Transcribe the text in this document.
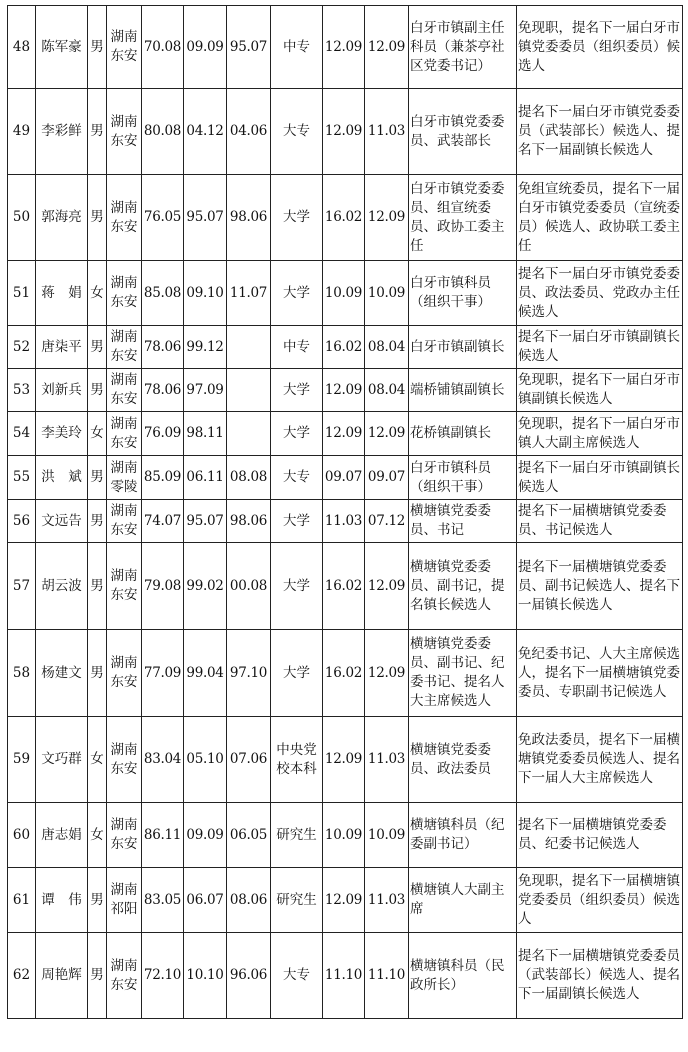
48	陈军豪	男	湖南东安	70.08	09.09	95.07	中专	12.09	12.09	白牙市镇副主任科员（兼茶亭社区党委书记）	免现职，提名下一届白牙市镇党委委员（组织委员）候选人
49	李彩鲜	男	湖南东安	80.08	04.12	04.06	大专	12.09	11.03	白牙市镇党委委员、武装部长	提名下一届白牙市镇党委委员（武装部长）候选人、提名下一届副镇长候选人
50	郭海亮	男	湖南东安	76.05	95.07	98.06	大学	16.02	12.09	白牙市镇党委委员、组宣统委员、政协工委主任	免组宣统委员，提名下一届白牙市镇党委委员（宣统委员）候选人、政协联工委主任
51	蒋　娟	女	湖南东安	85.08	09.10	11.07	大学	10.09	10.09	白牙市镇科员（组织干事）	提名下一届白牙市镇党委委员、政法委员、党政办主任候选人
52	唐柒平	男	湖南东安	78.06	99.12		中专	16.02	08.04	白牙市镇副镇长	提名下一届白牙市镇副镇长候选人
53	刘新兵	男	湖南东安	78.06	97.09		大学	12.09	08.04	端桥铺镇副镇长	免现职，提名下一届白牙市镇副镇长候选人
54	李美玲	女	湖南东安	76.09	98.11		大学	12.09	12.09	花桥镇副镇长	免现职，提名下一届白牙市镇人大副主席候选人
55	洪　斌	男	湖南零陵	85.09	06.11	08.08	大专	09.07	09.07	白牙市镇科员（组织干事）	提名下一届白牙市镇副镇长候选人
56	文远告	男	湖南东安	74.07	95.07	98.06	大学	11.03	07.12	横塘镇党委委员、书记	提名下一届横塘镇党委委员、书记候选人
57	胡云波	男	湖南东安	79.08	99.02	00.08	大学	16.02	12.09	横塘镇党委委员、副书记，提名镇长候选人	提名下一届横塘镇党委委员、副书记候选人、提名下一届镇长候选人
58	杨建文	男	湖南东安	77.09	99.04	97.10	大学	16.02	12.09	横塘镇党委委员、副书记、纪委书记、提名人大主席候选人	免纪委书记、人大主席候选人，提名下一届横塘镇党委委员、专职副书记候选人
59	文巧群	女	湖南东安	83.04	05.10	07.06	中央党校本科	12.09	11.03	横塘镇党委委员、政法委员	免政法委员，提名下一届横塘镇党委委员候选人、提名下一届人大主席候选人
60	唐志娟	女	湖南东安	86.11	09.09	06.05	研究生	10.09	10.09	横塘镇科员（纪委副书记）	提名下一届横塘镇党委委员、纪委书记候选人
61	谭　伟	男	湖南祁阳	83.05	06.07	08.06	研究生	12.09	11.03	横塘镇人大副主席	免现职，提名下一届横塘镇党委委员（组织委员）候选人
62	周艳辉	男	湖南东安	72.10	10.10	96.06	大专	11.10	11.10	横塘镇科员（民政所长）	提名下一届横塘镇党委委员（武装部长）候选人、提名下一届副镇长候选人
